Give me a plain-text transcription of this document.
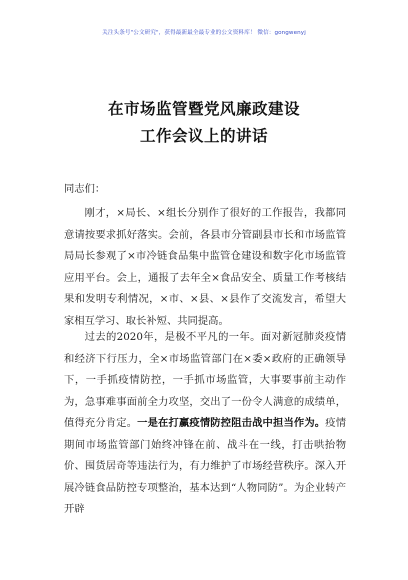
关注头条号"公文研究"，获得最新最全最专业的公文资料库！ 微信：gongwenyj
在市场监管暨党风廉政建设
工作会议上的讲话
同志们：

刚才，×局长、×组长分别作了很好的工作报告，我都同意请按要求抓好落实。会前，各县市分管副县市长和市场监管局局长参观了×市冷链食品集中监管仓建设和数字化市场监管应用平台。会上，通报了去年全×食品安全、质量工作考核结果和发明专利情况，×市、×县、×县作了交流发言，希望大家相互学习、取长补短、共同提高。

过去的2020年，是极不平凡的一年。面对新冠肺炎疫情和经济下行压力，全×市场监管部门在×委×政府的正确领导下，一手抓疫情防控，一手抓市场监管，大事要事前主动作为，急事难事面前全力攻坚，交出了一份令人满意的成绩单，值得充分肯定。一是在打赢疫情防控阻击战中担当作为。疫情期间市场监管部门始终冲锋在前、战斗在一线，打击哄抬物价、囤货居奇等违法行为，有力维护了市场经营秩序。深入开展冷链食品防控专项整治，基本达到“人物同防”。为企业转产开辟
